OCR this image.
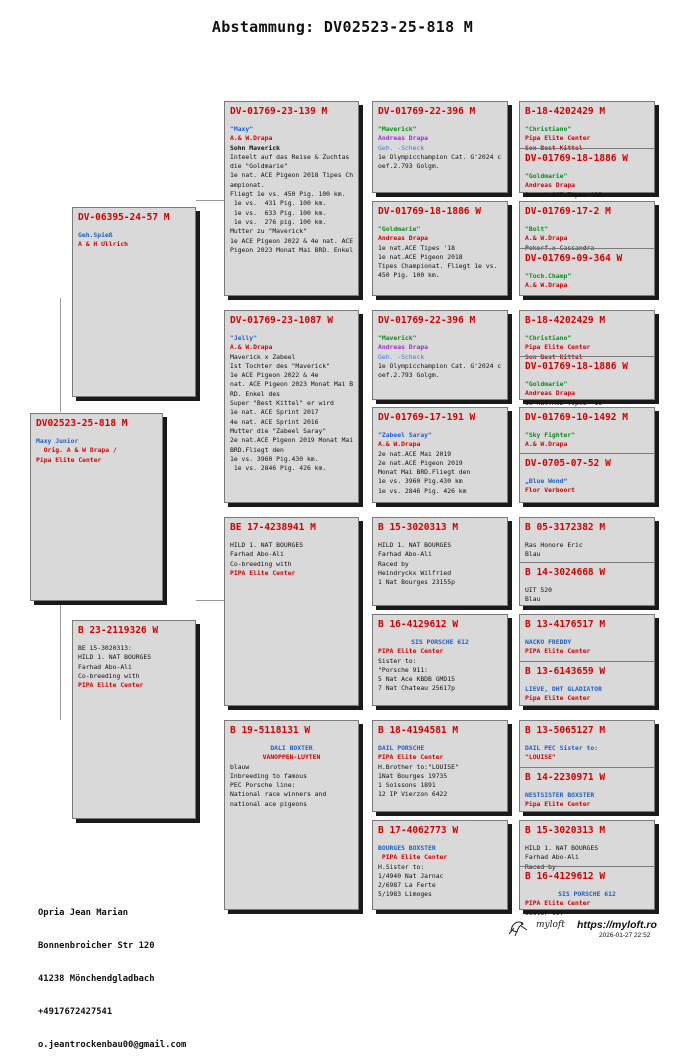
Abstammung: DV02523-25-818 M
DV02523-25-818 M
Maxy Junior
Orig. A & W Drapa /
Pipa Elite Center
DV-06395-24-57 M
Geh.Spieß
A & H Ullrich
B 23-2119326 W
BE 15-3020313:
HILD 1. NAT BOURGES
Farhad Abo-Ali
Co-breeding with
PIPA Elite Center
DV-01769-23-139 M
"Maxy"
A.& W.Drapa
Sohn Maverick
Inteelt auf das Reise & Zuchtas
die "Goldmarie"
1e nat. ACE Pigeon 2018 Tipes Ch
ampionat.
Fliegt 1e vs. 450 Pig. 100 km.
1e vs.  431 Pig. 100 km.
1e vs.  633 Pig. 100 km.
1e vs.  276 pig. 100 km.
Mutter zu "Maverick"
1e ACE Pigeon 2022 & 4e nat. ACE
Pigeon 2023 Monat Mai BRD. Enkel
DV-01769-23-1087 W
"Jelly"
A.& W.Drapa
Maverick x Zabeel
Ist Tochter des "Maverick"
1e ACE Pigeon 2022 & 4e
nat. ACE Pigeon 2023 Monat Mai B
RD. Enkel des
Super "Best Kittel" er wird
1e nat. ACE Sprint 2017
4e nat. ACE Sprint 2016
Mutter die "Zabeel Saray"
2e nat.ACE Pigeon 2019 Monat Mai
BRD.Fliegt den
1e vs. 3960 Pig.430 km.
1e vs. 2846 Pig. 426 km.
BE 17-4238941 M
HILD 1. NAT BOURGES
Farhad Abo-Ali
Co-breeding with
PIPA Elite Center
B 19-5118131 W
DALI BOXTER
VANOPPEN-LUYTEN
blauw
Inbreeding to famous
PEC Porsche line:
National race winners and
national ace pigeons
DV-01769-22-396 M
"Maverick"
Andreas Drapa
Geh. -Scheck
1e Olympicchampion Cat. G'2024 c
oef.2.793 Golgm.
DV-01769-18-1886 W
"Goldmarie"
Andreas Drapa
1e nat.ACE Tipes '18
1e nat.ACE Pigeon 2018
Tipes Championat. Fliegt 1e vs.
450 Pig. 100 km.
DV-01769-22-396 M
"Maverick"
Andreas Drapa
Geh. -Scheck
1e Olympicchampion Cat. G'2024 c
oef.2.793 Golgm.
DV-01769-17-191 W
"Zabeel Saray"
A.& W.Drapa
2e nat.ACE Mai 2019
2e nat.ACE Pigeon 2019
Monat Mai BRD.Fliegt den
1e vs. 3960 Pig.430 km
1e vs. 2846 Pig. 426 km
B 15-3020313 M
HILD 1. NAT BOURGES
Farhad Abo-Ali
Raced by
Heindryckx Wilfried
1 Nat Bourges 23155p
B 16-4129612 W
SIS PORSCHE 612
PIPA Elite Center
Sister to:
"Porsche 911:
5 Nat Ace KBDB GMD15
7 Nat Chateau 25617p
B 18-4194581 M
DAIL PORSCHE
PIPA Elite Center
H.Brother to:"LOUISE"
1Nat Bourges 19735
1 Soissons 1891
12 IP Vierzon 6422
B 17-4062773 W
BOURGES BOXSTER
PIPA Elite Center
H.Sister to:
1/4940 Nat Jarnac
2/6987 La Ferte
5/1983 Limoges
B-18-4202429 M
"Christiano"
Pipa Elite Center
Son Best Kittel
DV-01769-18-1886 W
"Goldmarie"
Andreas Drapa
1e nat.ACE Tipes '18
DV-01769-17-2 M
"Bolt"
A.& W.Drapa
Pokerf.x Cassandra
DV-01769-09-364 W
"Toch.Champ"
A.& W.Drapa
B-18-4202429 M
"Christiano"
Pipa Elite Center
Son Best Kittel
DV-01769-18-1886 W
"Goldmarie"
Andreas Drapa
1e nat.ACE Tipes '18
DV-01769-10-1492 M
"Sky Fighter"
A.& W.Drapa
DV-0705-07-52 W
„Blue Wond“
Flor Verboort
B 05-3172382 M
Ras Honore Eric
Blau
B 14-3024668 W
UIT 520
Blau
B 13-4176517 M
NACKO FREDDY
PIPA Elite Center
B 13-6143659 W
LIEVE, DHT GLADIATOR
Pipa Elite Center
B 13-5065127 M
DAIL PEC Sister to:
"LOUISE"
B 14-2230971 W
NESTSISTER BOXSTER
Pipa Elite Center
B 15-3020313 M
HILD 1. NAT BOURGES
Farhad Abo-Ali
Raced by
B 16-4129612 W
SIS PORSCHE 612
PIPA Elite Center
Sister to:

Opria Jean Marian

Bonnenbroicher Str 120

41238 Mönchendgladbach

+4917672427541

o.jeantrockenbau00@gmail.com

myloft https://myloft.ro
2026-01-27 22:52
